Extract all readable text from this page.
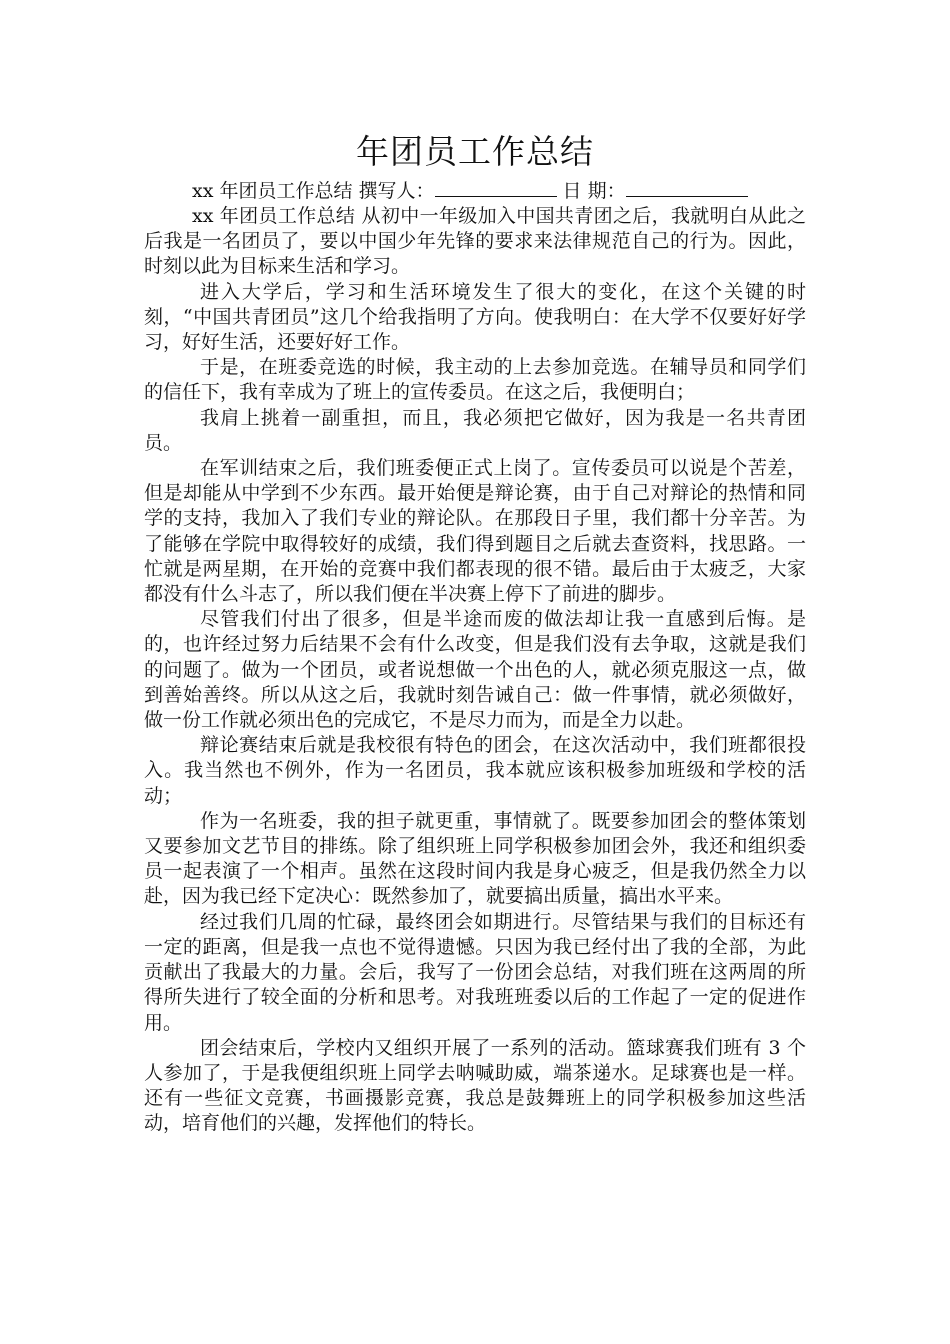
年团员工作总结

xx 年团员工作总结 撰写人：	日 期：

xx 年团员工作总结 从初中一年级加入中国共青团之后，我就明白从此之后我是一名团员了，要以中国少年先锋的要求来法律规范自己的行为。因此，时刻以此为目标来生活和学习。

进入大学后，学习和生活环境发生了很大的变化，在这个关键的时刻，“中国共青团员”这几个给我指明了方向。使我明白：在大学不仅要好好学习，好好生活，还要好好工作。

于是，在班委竞选的时候，我主动的上去参加竞选。在辅导员和同学们的信任下，我有幸成为了班上的宣传委员。在这之后，我便明白；

我肩上挑着一副重担，而且，我必须把它做好，因为我是一名共青团员。

在军训结束之后，我们班委便正式上岗了。宣传委员可以说是个苦差，但是却能从中学到不少东西。最开始便是辩论赛，由于自己对辩论的热情和同学的支持，我加入了我们专业的辩论队。在那段日子里，我们都十分辛苦。为了能够在学院中取得较好的成绩，我们得到题目之后就去查资料，找思路。一忙就是两星期，在开始的竞赛中我们都表现的很不错。最后由于太疲乏，大家都没有什么斗志了，所以我们便在半决赛上停下了前进的脚步。

尽管我们付出了很多，但是半途而废的做法却让我一直感到后悔。是的，也许经过努力后结果不会有什么改变，但是我们没有去争取，这就是我们的问题了。做为一个团员，或者说想做一个出色的人，就必须克服这一点，做到善始善终。所以从这之后，我就时刻告诫自己：做一件事情，就必须做好，做一份工作就必须出色的完成它，不是尽力而为，而是全力以赴。

辩论赛结束后就是我校很有特色的团会，在这次活动中，我们班都很投入。我当然也不例外，作为一名团员，我本就应该积极参加班级和学校的活动；

作为一名班委，我的担子就更重，事情就了。既要参加团会的整体策划又要参加文艺节目的排练。除了组织班上同学积极参加团会外，我还和组织委员一起表演了一个相声。虽然在这段时间内我是身心疲乏，但是我仍然全力以赴，因为我已经下定决心：既然参加了，就要搞出质量，搞出水平来。

经过我们几周的忙碌，最终团会如期进行。尽管结果与我们的目标还有一定的距离，但是我一点也不觉得遗憾。只因为我已经付出了我的全部，为此贡献出了我最大的力量。会后，我写了一份团会总结，对我们班在这两周的所得所失进行了较全面的分析和思考。对我班班委以后的工作起了一定的促进作用。

团会结束后，学校内又组织开展了一系列的活动。篮球赛我们班有 3 个人参加了，于是我便组织班上同学去呐喊助威，端茶递水。足球赛也是一样。还有一些征文竞赛，书画摄影竞赛，我总是鼓舞班上的同学积极参加这些活动，培育他们的兴趣，发挥他们的特长。
